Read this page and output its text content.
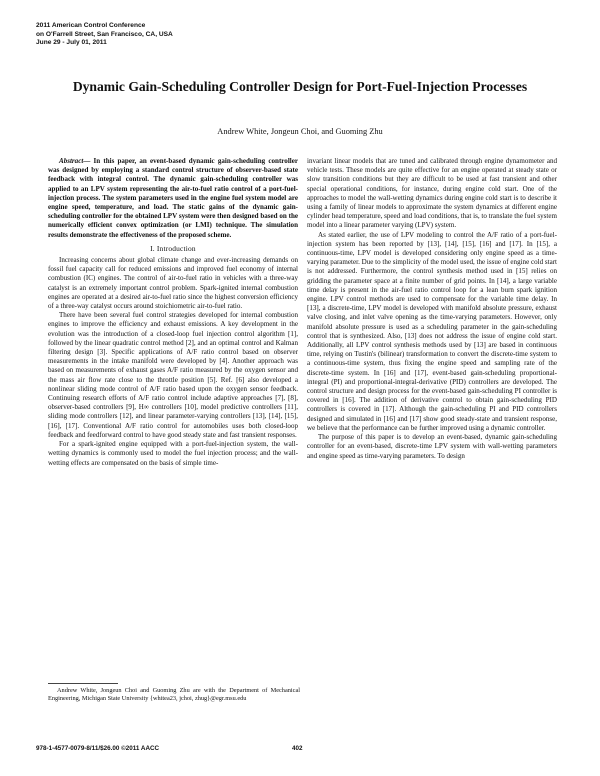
2011 American Control Conference
on O'Farrell Street, San Francisco, CA, USA
June 29 - July 01, 2011
Dynamic Gain-Scheduling Controller Design for Port-Fuel-Injection Processes
Andrew White, Jongeun Choi, and Guoming Zhu

Abstract— In this paper, an event-based dynamic gain-scheduling controller was designed by employing a standard control structure of observer-based state feedback with integral control. The dynamic gain-scheduling controller was applied to an LPV system representing the air-to-fuel ratio control of a port-fuel-injection process. The system parameters used in the engine fuel system model are engine speed, temperature, and load. The static gains of the dynamic gain-scheduling controller for the obtained LPV system were then designed based on the numerically efficient convex optimization (or LMI) technique. The simulation results demonstrate the effectiveness of the proposed scheme.

I. Introduction

Increasing concerns about global climate change and ever-increasing demands on fossil fuel capacity call for reduced emissions and improved fuel economy of internal combustion (IC) engines. The control of air-to-fuel ratio in vehicles with a three-way catalyst is an extremely important control problem. Spark-ignited internal combustion engines are operated at a desired air-to-fuel ratio since the highest conversion efficiency of a three-way catalyst occurs around stoichiometric air-to-fuel ratio.

There have been several fuel control strategies developed for internal combustion engines to improve the efficiency and exhaust emissions. A key development in the evolution was the introduction of a closed-loop fuel injection control algorithm [1], followed by the linear quadratic control method [2], and an optimal control and Kalman filtering design [3]. Specific applications of A/F ratio control based on observer measurements in the intake manifold were developed by [4]. Another approach was based on measurements of exhaust gases A/F ratio measured by the oxygen sensor and the mass air flow rate close to the throttle position [5]. Ref. [6] also developed a nonlinear sliding mode control of A/F ratio based upon the oxygen sensor feedback. Continuing research efforts of A/F ratio control include adaptive approaches [7], [8], observer-based controllers [9], H∞ controllers [10], model predictive controllers [11], sliding mode controllers [12], and linear parameter-varying controllers [13], [14], [15], [16], [17]. Conventional A/F ratio control for automobiles uses both closed-loop feedback and feedforward control to have good steady state and fast transient responses.

For a spark-ignited engine equipped with a port-fuel-injection system, the wall-wetting dynamics is commonly used to model the fuel injection process; and the wall-wetting effects are compensated on the basis of simple time-

invariant linear models that are tuned and calibrated through engine dynamometer and vehicle tests. These models are quite effective for an engine operated at steady state or slow transition conditions but they are difficult to be used at fast transient and other special operational conditions, for instance, during engine cold start. One of the approaches to model the wall-wetting dynamics during engine cold start is to describe it using a family of linear models to approximate the system dynamics at different engine cylinder head temperature, speed and load conditions, that is, to translate the fuel system model into a linear parameter varying (LPV) system.

As stated earlier, the use of LPV modeling to control the A/F ratio of a port-fuel-injection system has been reported by [13], [14], [15], [16] and [17]. In [15], a continuous-time, LPV model is developed considering only engine speed as a time-varying parameter. Due to the simplicity of the model used, the issue of engine cold start is not addressed. Furthermore, the control synthesis method used in [15] relies on gridding the parameter space at a finite number of grid points. In [14], a large variable time delay is present in the air-fuel ratio control loop for a lean burn spark ignition engine. LPV control methods are used to compensate for the variable time delay. In [13], a discrete-time, LPV model is developed with manifold absolute pressure, exhaust valve closing, and inlet valve opening as the time-varying parameters. However, only manifold absolute pressure is used as a scheduling parameter in the gain-scheduling control that is synthesized. Also, [13] does not address the issue of engine cold start. Additionally, all LPV control synthesis methods used by [13] are based in continuous time, relying on Tustin's (bilinear) transformation to convert the discrete-time system to a continuous-time system, thus fixing the engine speed and sampling rate of the discrete-time system. In [16] and [17], event-based gain-scheduling proportional-integral (PI) and proportional-integral-derivative (PID) controllers are developed. The control structure and design process for the event-based gain-scheduling PI controller is covered in [16]. The addition of derivative control to obtain gain-scheduling PID controllers is covered in [17]. Although the gain-scheduling PI and PID controllers designed and simulated in [16] and [17] show good steady-state and transient response, we believe that the performance can be further improved using a dynamic controller.

The purpose of this paper is to develop an event-based, dynamic gain-scheduling controller for an event-based, discrete-time LPV system with wall-wetting parameters and engine speed as time-varying parameters. To design

Andrew White, Jongeun Choi and Guoming Zhu are with the Department of Mechanical Engineering, Michigan State University {whitea23, jchoi, zhug}@egr.msu.edu
978-1-4577-0079-8/11/$26.00 ©2011 AACC	402
